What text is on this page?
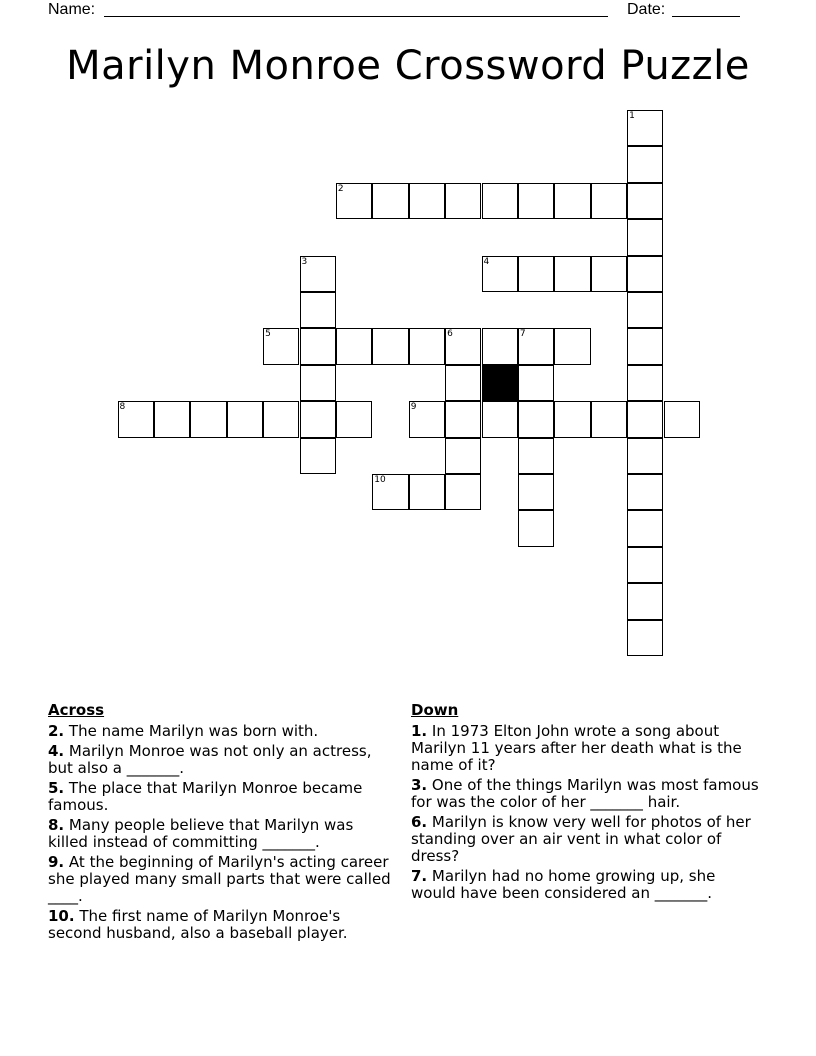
Name:	Date:
Marilyn Monroe Crossword Puzzle
1
2
3	4
5	6	7
8	9
10
Across
2. The name Marilyn was born with.
4. Marilyn Monroe was not only an actress, but also a _______.
5. The place that Marilyn Monroe became famous.
8. Many people believe that Marilyn was killed instead of committing _______.
9. At the beginning of Marilyn's acting career she played many small parts that were called ____.
10. The first name of Marilyn Monroe's second husband, also a baseball player.
Down
1. In 1973 Elton John wrote a song about Marilyn 11 years after her death what is the name of it?
3. One of the things Marilyn was most famous for was the color of her _______ hair.
6. Marilyn is know very well for photos of her standing over an air vent in what color of dress?
7. Marilyn had no home growing up, she would have been considered an _______.
